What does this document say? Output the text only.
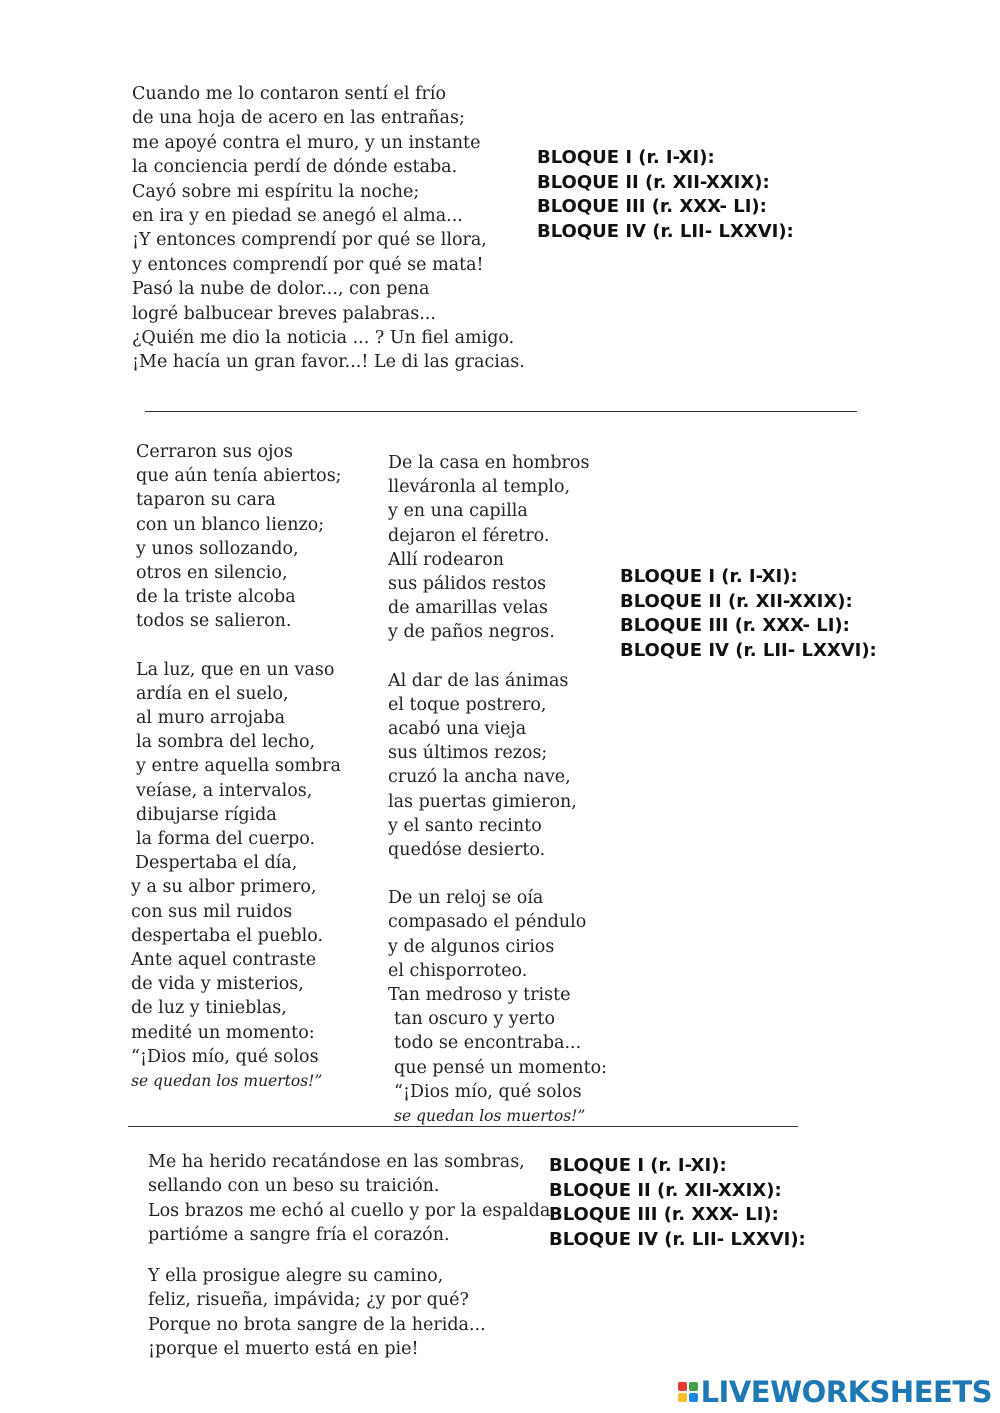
Cuando me lo contaron sentí el frío
de una hoja de acero en las entrañas;
me apoyé contra el muro, y un instante
la conciencia perdí de dónde estaba.
Cayó sobre mi espíritu la noche;
en ira y en piedad se anegó el alma...
¡Y entonces comprendí por qué se llora,
y entonces comprendí por qué se mata!
Pasó la nube de dolor..., con pena
logré balbucear breves palabras...
¿Quién me dio la noticia ... ? Un fiel amigo.
¡Me hacía un gran favor...! Le di las gracias.
BLOQUE I (r. I-XI):
BLOQUE II (r. XII-XXIX):
BLOQUE III (r. XXX- LI):
BLOQUE IV (r. LII- LXXVI):
Cerraron sus ojos
que aún tenía abiertos;
taparon su cara
con un blanco lienzo;
y unos sollozando,
otros en silencio,
de la triste alcoba
todos se salieron.
La luz, que en un vaso
ardía en el suelo,
al muro arrojaba
la sombra del lecho,
y entre aquella sombra
veíase, a intervalos,
dibujarse rígida
la forma del cuerpo.
Despertaba el día,
y a su albor primero,
con sus mil ruidos
despertaba el pueblo.
Ante aquel contraste
de vida y misterios,
de luz y tinieblas,
medité un momento:
“¡Dios mío, qué solos
se quedan los muertos!”
De la casa en hombros
lleváronla al templo,
y en una capilla
dejaron el féretro.
Allí rodearon
sus pálidos restos
de amarillas velas
y de paños negros.
Al dar de las ánimas
el toque postrero,
acabó una vieja
sus últimos rezos;
cruzó la ancha nave,
las puertas gimieron,
y el santo recinto
quedóse desierto.
De un reloj se oía
compasado el péndulo
y de algunos cirios
el chisporroteo.
Tan medroso y triste
tan oscuro y yerto
todo se encontraba...
que pensé un momento:
“¡Dios mío, qué solos
se quedan los muertos!”
BLOQUE I (r. I-XI):
BLOQUE II (r. XII-XXIX):
BLOQUE III (r. XXX- LI):
BLOQUE IV (r. LII- LXXVI):
Me ha herido recatándose en las sombras,
sellando con un beso su traición.
Los brazos me echó al cuello y por la espalda
partióme a sangre fría el corazón.
Y ella prosigue alegre su camino,
feliz, risueña, impávida; ¿y por qué?
Porque no brota sangre de la herida...
¡porque el muerto está en pie!
BLOQUE I (r. I-XI):
BLOQUE II (r. XII-XXIX):
BLOQUE III (r. XXX- LI):
BLOQUE IV (r. LII- LXXVI):
LIVEWORKSHEETS
